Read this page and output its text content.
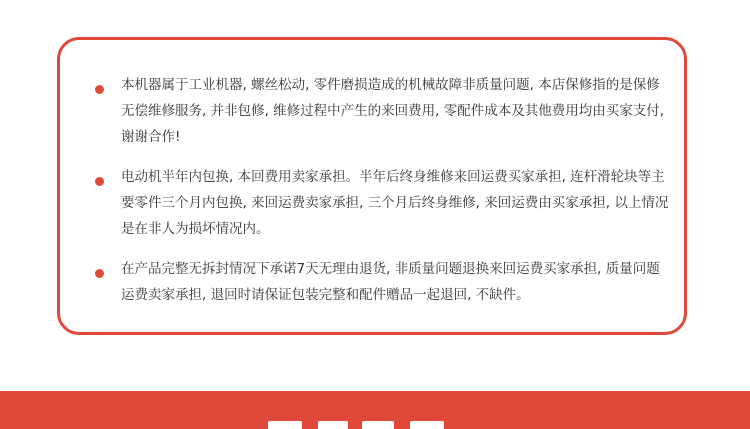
本机器属于工业机器, 螺丝松动, 零件磨损造成的机械故障非质量问题, 本店保修指的是保修无偿维修服务, 并非包修, 维修过程中产生的来回费用, 零配件成本及其他费用均由买家支付, 谢谢合作!
电动机半年内包换, 本回费用卖家承担。半年后终身维修来回运费买家承担, 连杆滑轮块等主要零件三个月内包换, 来回运费卖家承担, 三个月后终身维修, 来回运费由买家承担, 以上情况是在非人为损坏情况内。
在产品完整无拆封情况下承诺7天无理由退货, 非质量问题退换来回运费买家承担, 质量问题运费卖家承担, 退回时请保证包装完整和配件赠品一起退回, 不缺件。
